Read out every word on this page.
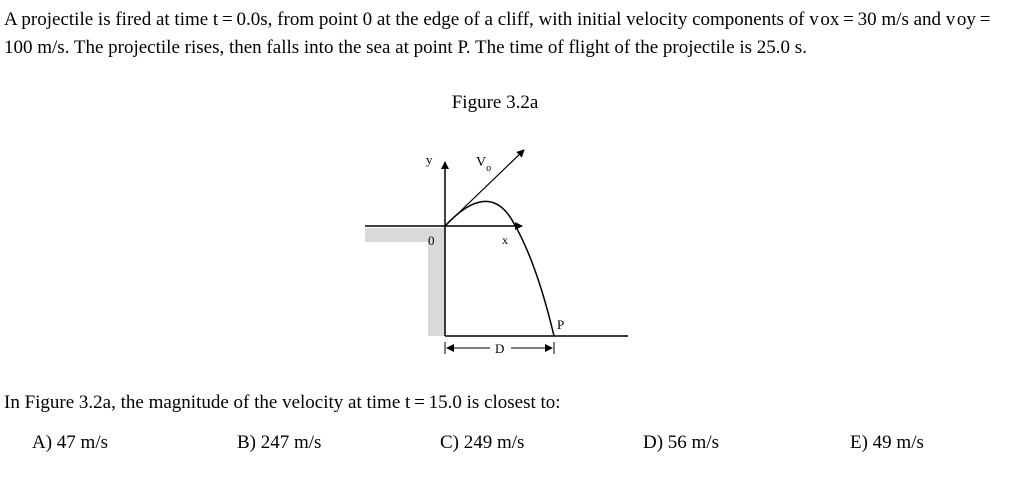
A projectile is fired at time t = 0.0s, from point 0 at the edge of a cliff, with initial velocity components of v ox = 30 m/s and v oy = 100 m/s. The projectile rises, then falls into the sea at point P. The time of flight of the projectile is 25.0 s.
Figure 3.2a
y	$V_o$
0	x
P
D
In Figure 3.2a, the magnitude of the velocity at time t = 15.0 is closest to:
A) 47 m/s	B) 247 m/s	C) 249 m/s	D) 56 m/s	E) 49 m/s
